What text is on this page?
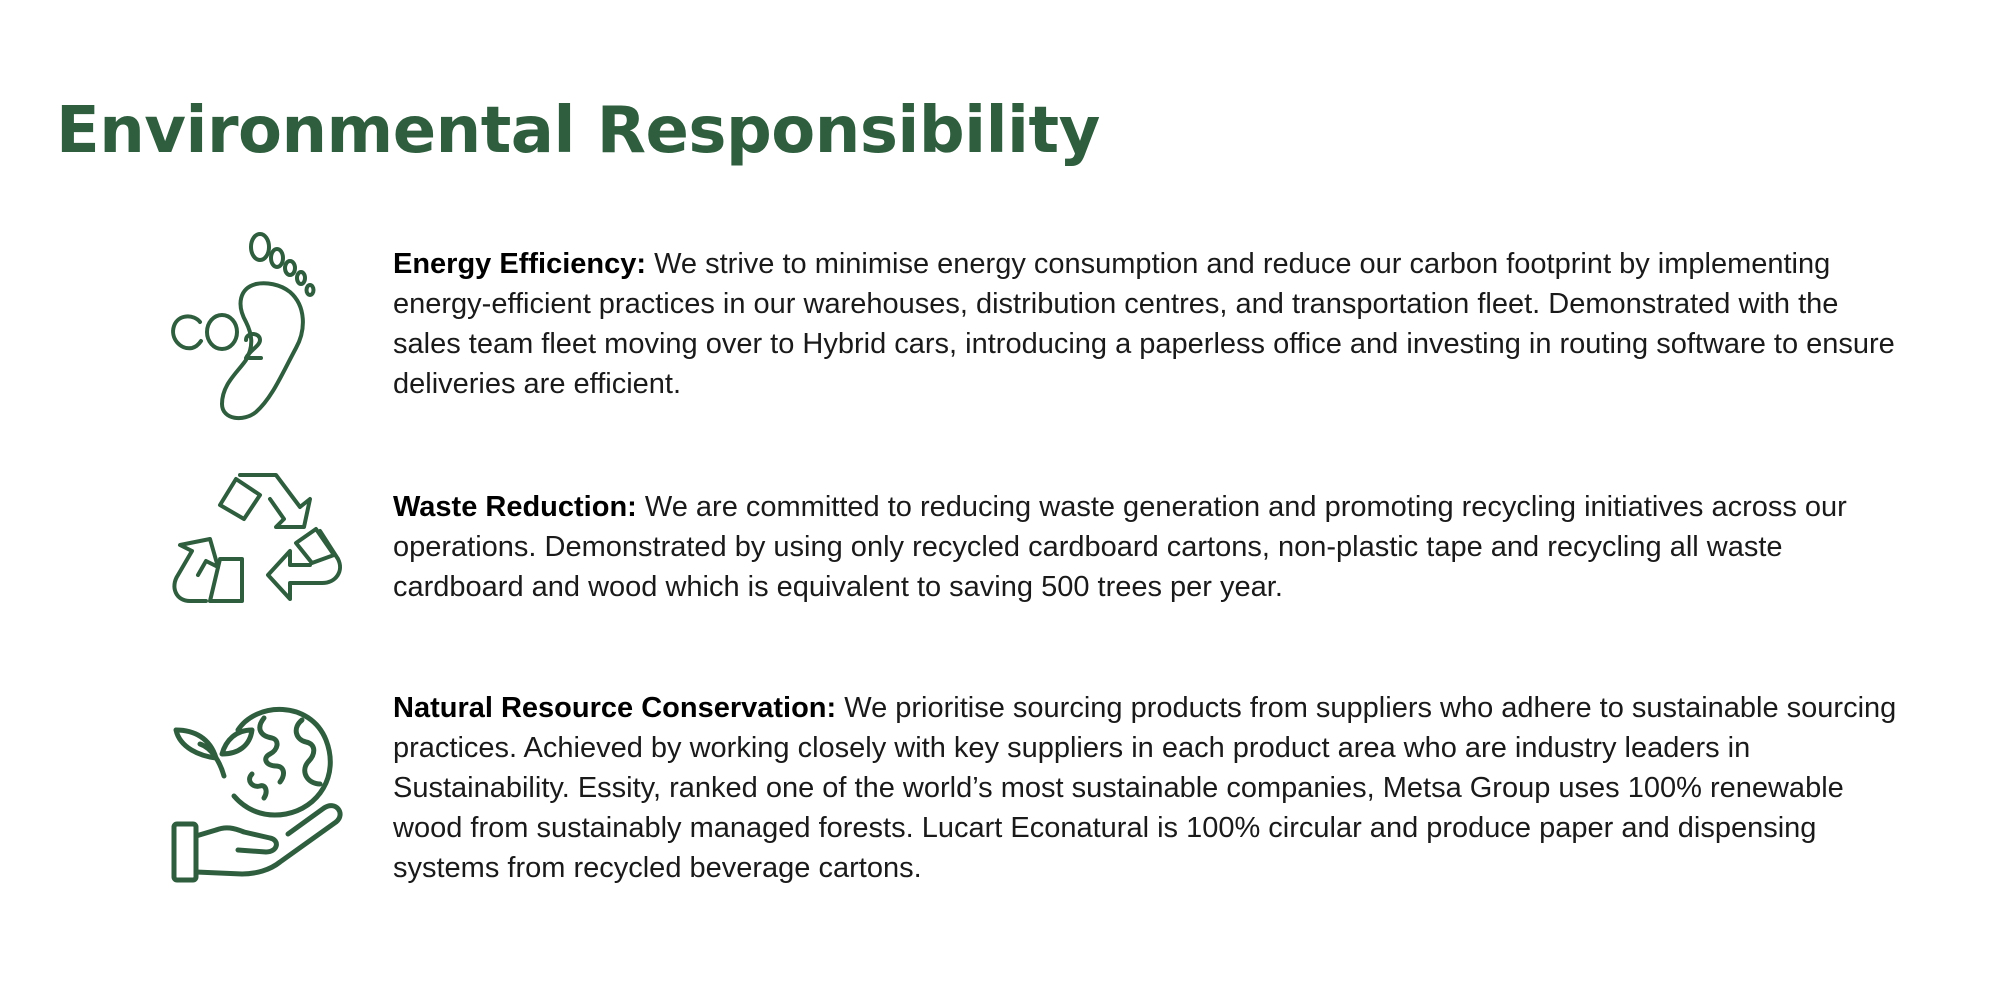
Environmental Responsibility

Energy Efficiency: We strive to minimise energy consumption and reduce our carbon footprint by implementing energy-efficient practices in our warehouses, distribution centres, and transportation fleet. Demonstrated with the sales team fleet moving over to Hybrid cars, introducing a paperless office and investing in routing software to ensure deliveries are efficient.

Waste Reduction: We are committed to reducing waste generation and promoting recycling initiatives across our operations. Demonstrated by using only recycled cardboard cartons, non-plastic tape and recycling all waste cardboard and wood which is equivalent to saving 500 trees per year.

Natural Resource Conservation: We prioritise sourcing products from suppliers who adhere to sustainable sourcing practices. Achieved by working closely with key suppliers in each product area who are industry leaders in Sustainability. Essity, ranked one of the world’s most sustainable companies, Metsa Group uses 100% renewable wood from sustainably managed forests. Lucart Econatural is 100% circular and produce paper and dispensing systems from recycled beverage cartons.
